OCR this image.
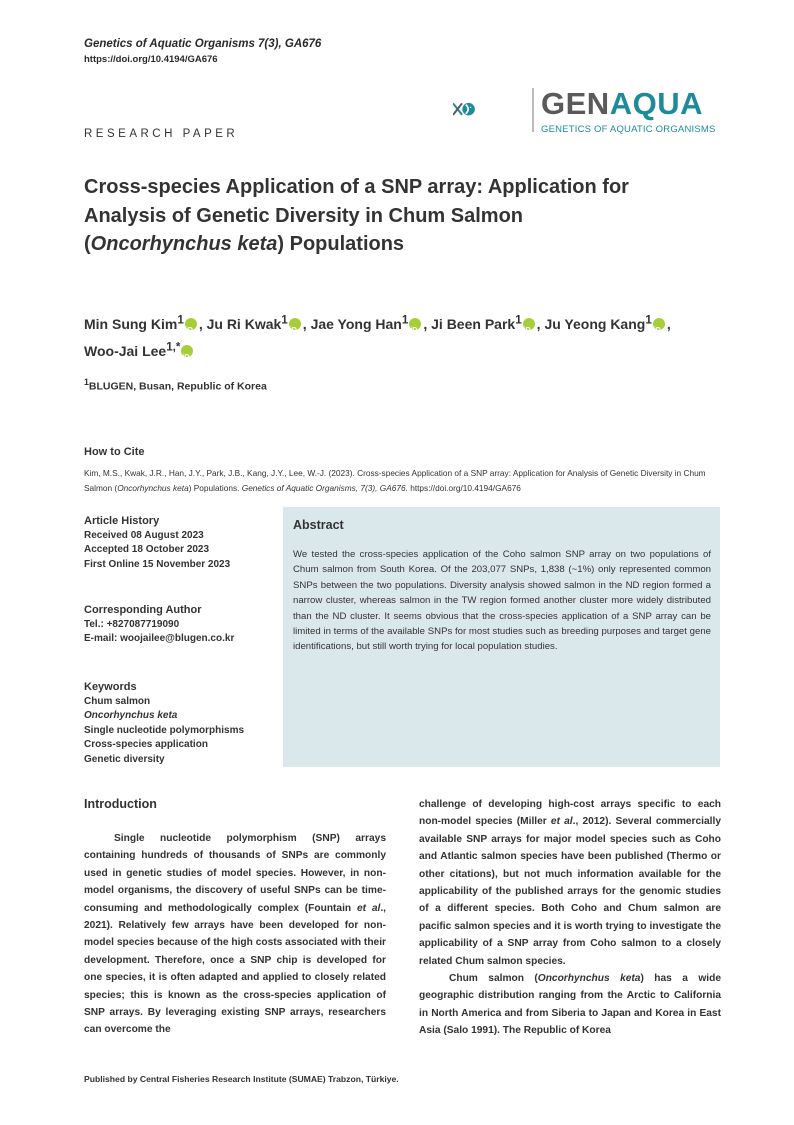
Genetics of Aquatic Organisms 7(3), GA676
https://doi.org/10.4194/GA676
GENAQUA
GENETICS OF AQUATIC ORGANISMS
RESEARCH PAPER
Cross-species Application of a SNP array: Application for
Analysis of Genetic Diversity in Chum Salmon
(Oncorhynchus keta) Populations
Min Sung Kim$^1$ iD , Ju Ri Kwak$^1$ iD , Jae Yong Han$^1$ iD , Ji Been Park$^1$ iD , Ju Yeong Kang$^1$ iD ,
Woo-Jai Lee$^{1,*}$iD
$^1$BLUGEN, Busan, Republic of Korea
How to Cite
Kim, M.S., Kwak, J.R., Han, J.Y., Park, J.B., Kang, J.Y., Lee, W.-J. (2023). Cross-species Application of a SNP array: Application for Analysis of Genetic Diversity in Chum Salmon (Oncorhynchus keta) Populations. Genetics of Aquatic Organisms, 7(3), GA676. https://doi.org/10.4194/GA676
Article History
Received 08 August 2023
Accepted 18 October 2023
First Online 15 November 2023
Corresponding Author
Tel.: +827087719090
E-mail: woojailee@blugen.co.kr
Keywords
Chum salmon
Oncorhynchus keta
Single nucleotide polymorphisms
Cross-species application
Genetic diversity
Abstract
We tested the cross-species application of the Coho salmon SNP array on two populations of Chum salmon from South Korea. Of the 203,077 SNPs, 1,838 (~1%) only represented common SNPs between the two populations. Diversity analysis showed salmon in the ND region formed a narrow cluster, whereas salmon in the TW region formed another cluster more widely distributed than the ND cluster. It seems obvious that the cross-species application of a SNP array can be limited in terms of the available SNPs for most studies such as breeding purposes and target gene identifications, but still worth trying for local population studies.
Introduction

Single nucleotide polymorphism (SNP) arrays containing hundreds of thousands of SNPs are commonly used in genetic studies of model species. However, in non-model organisms, the discovery of useful SNPs can be time- consuming and methodologically complex (Fountain et al., 2021). Relatively few arrays have been developed for non-model species because of the high costs associated with their development. Therefore, once a SNP chip is developed for one species, it is often adapted and applied to closely related species; this is known as the cross-species application of SNP arrays. By leveraging existing SNP arrays, researchers can overcome the

challenge of developing high-cost arrays specific to each non-model species (Miller et al., 2012). Several commercially available SNP arrays for major model species such as Coho and Atlantic salmon species have been published (Thermo or other citations), but not much information available for the applicability of the published arrays for the genomic studies of a different species. Both Coho and Chum salmon are pacific salmon species and it is worth trying to investigate the applicability of a SNP array from Coho salmon to a closely related Chum salmon species.

Chum salmon (Oncorhynchus keta) has a wide geographic distribution ranging from the Arctic to California in North America and from Siberia to Japan and Korea in East Asia (Salo 1991). The Republic of Korea

Published by Central Fisheries Research Institute (SUMAE) Trabzon, Türkiye.
